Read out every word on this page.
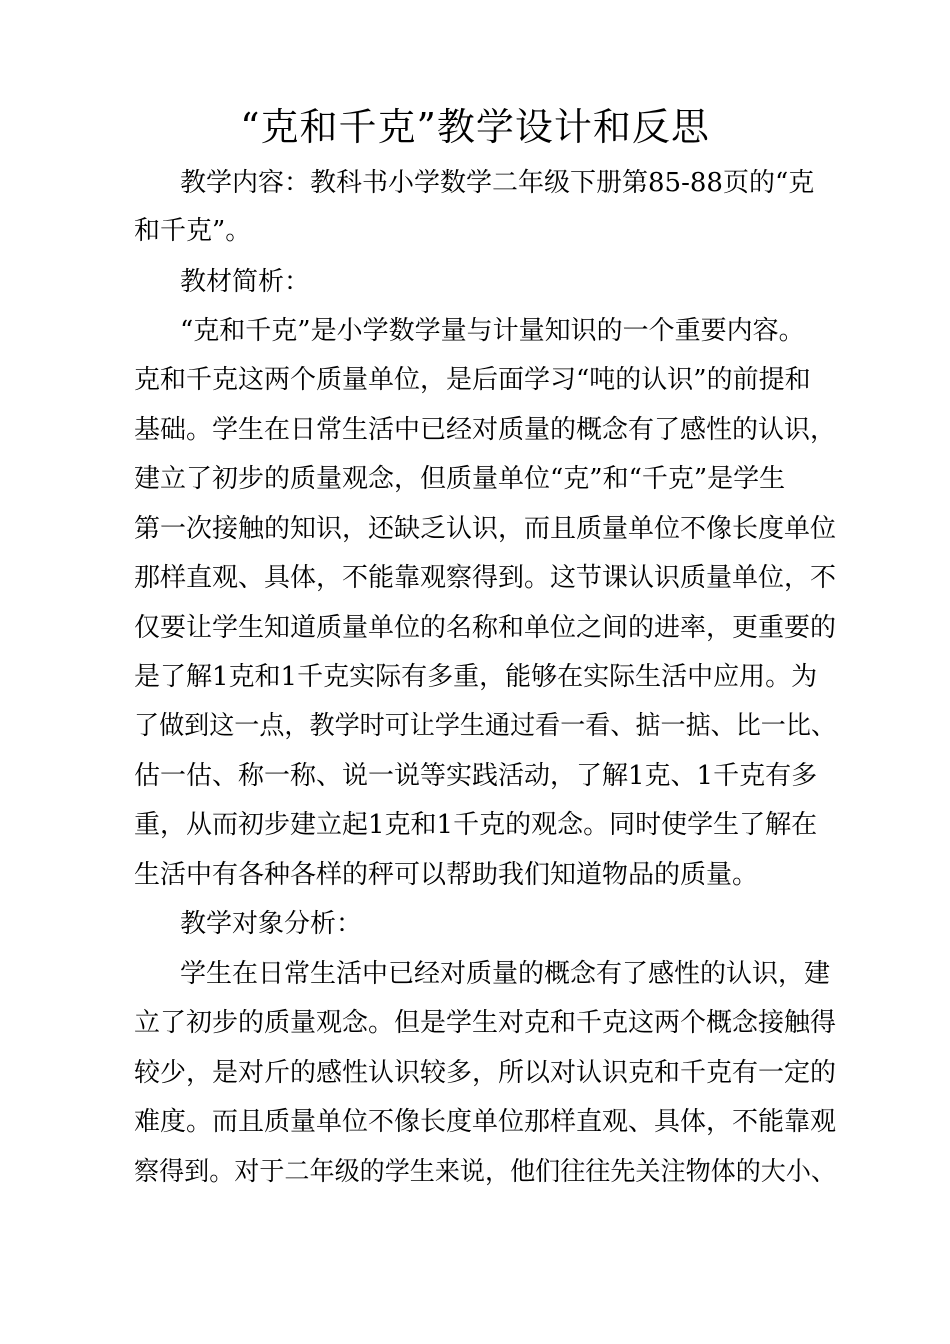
“克和千克”教学设计和反思

教学内容：教科书小学数学二年级下册第85-88页的“克

和千克”。

教材简析：

“克和千克”是小学数学量与计量知识的一个重要内容。

克和千克这两个质量单位，是后面学习“吨的认识”的前提和

基础。学生在日常生活中已经对质量的概念有了感性的认识，

建立了初步的质量观念，但质量单位“克”和“千克”是学生

第一次接触的知识，还缺乏认识，而且质量单位不像长度单位

那样直观、具体，不能靠观察得到。这节课认识质量单位，不

仅要让学生知道质量单位的名称和单位之间的进率，更重要的

是了解1克和1千克实际有多重，能够在实际生活中应用。为

了做到这一点，教学时可让学生通过看一看、掂一掂、比一比、

估一估、称一称、说一说等实践活动，了解1克、1千克有多

重，从而初步建立起1克和1千克的观念。同时使学生了解在

生活中有各种各样的秤可以帮助我们知道物品的质量。

教学对象分析：

学生在日常生活中已经对质量的概念有了感性的认识，建

立了初步的质量观念。但是学生对克和千克这两个概念接触得

较少，是对斤的感性认识较多，所以对认识克和千克有一定的

难度。而且质量单位不像长度单位那样直观、具体，不能靠观

察得到。对于二年级的学生来说，他们往往先关注物体的大小、
